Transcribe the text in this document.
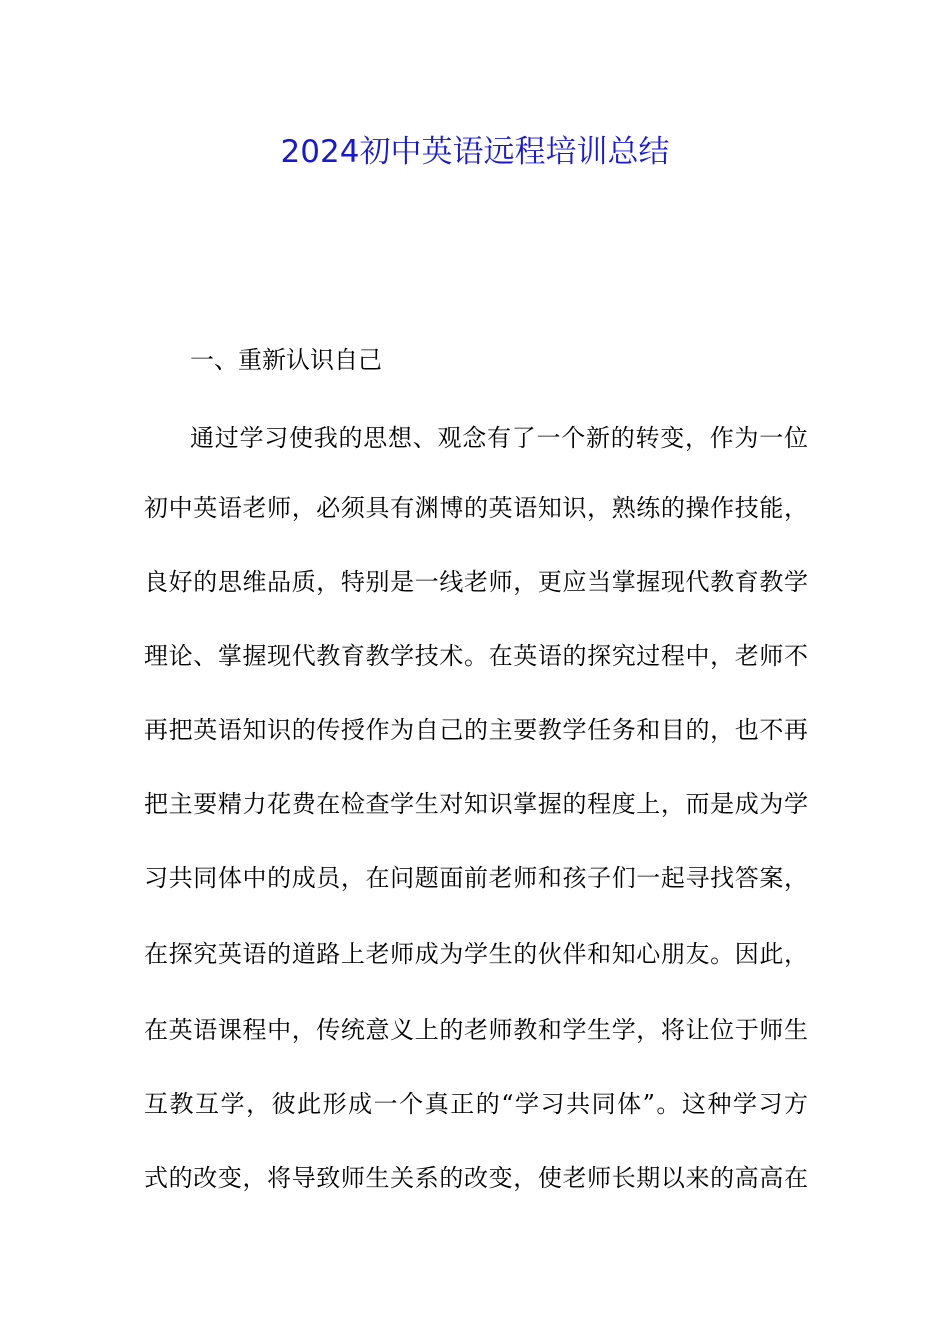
2024初中英语远程培训总结

一、重新认识自己

通过学习使我的思想、观念有了一个新的转变，作为一位

初中英语老师，必须具有渊博的英语知识，熟练的操作技能，

良好的思维品质，特别是一线老师，更应当掌握现代教育教学

理论、掌握现代教育教学技术。在英语的探究过程中，老师不

再把英语知识的传授作为自己的主要教学任务和目的，也不再

把主要精力花费在检查学生对知识掌握的程度上，而是成为学

习共同体中的成员，在问题面前老师和孩子们一起寻找答案，

在探究英语的道路上老师成为学生的伙伴和知心朋友。因此，

在英语课程中，传统意义上的老师教和学生学，将让位于师生

互教互学，彼此形成一个真正的“学习共同体”。这种学习方

式的改变，将导致师生关系的改变，使老师长期以来的高高在
